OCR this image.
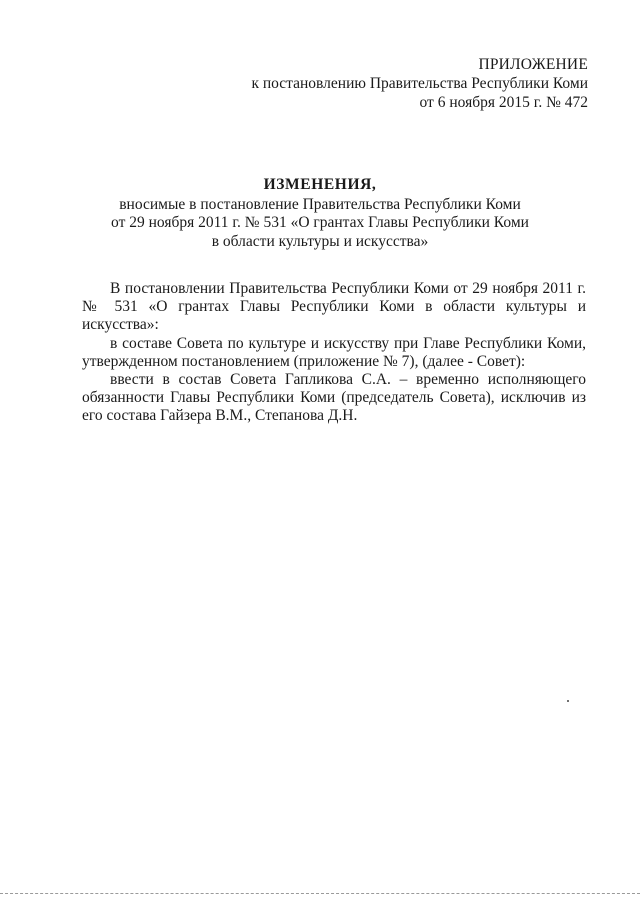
ПРИЛОЖЕНИЕ
к постановлению Правительства Республики Коми
от 6 ноября 2015 г. № 472
ИЗМЕНЕНИЯ,
вносимые в постановление Правительства Республики Коми
от 29 ноября 2011 г. № 531 «О грантах Главы Республики Коми
в области культуры и искусства»

В постановлении Правительства Республики Коми от 29 ноября 2011 г. № 531 «О грантах Главы Республики Коми в области культуры и искусства»:

в составе Совета по культуре и искусству при Главе Республики Коми, утвержденном постановлением (приложение № 7), (далее - Совет):

ввести в состав Совета Гапликова С.А. – временно исполняющего обязанности Главы Республики Коми (председатель Совета), исключив из его состава Гайзера В.М., Степанова Д.Н.
